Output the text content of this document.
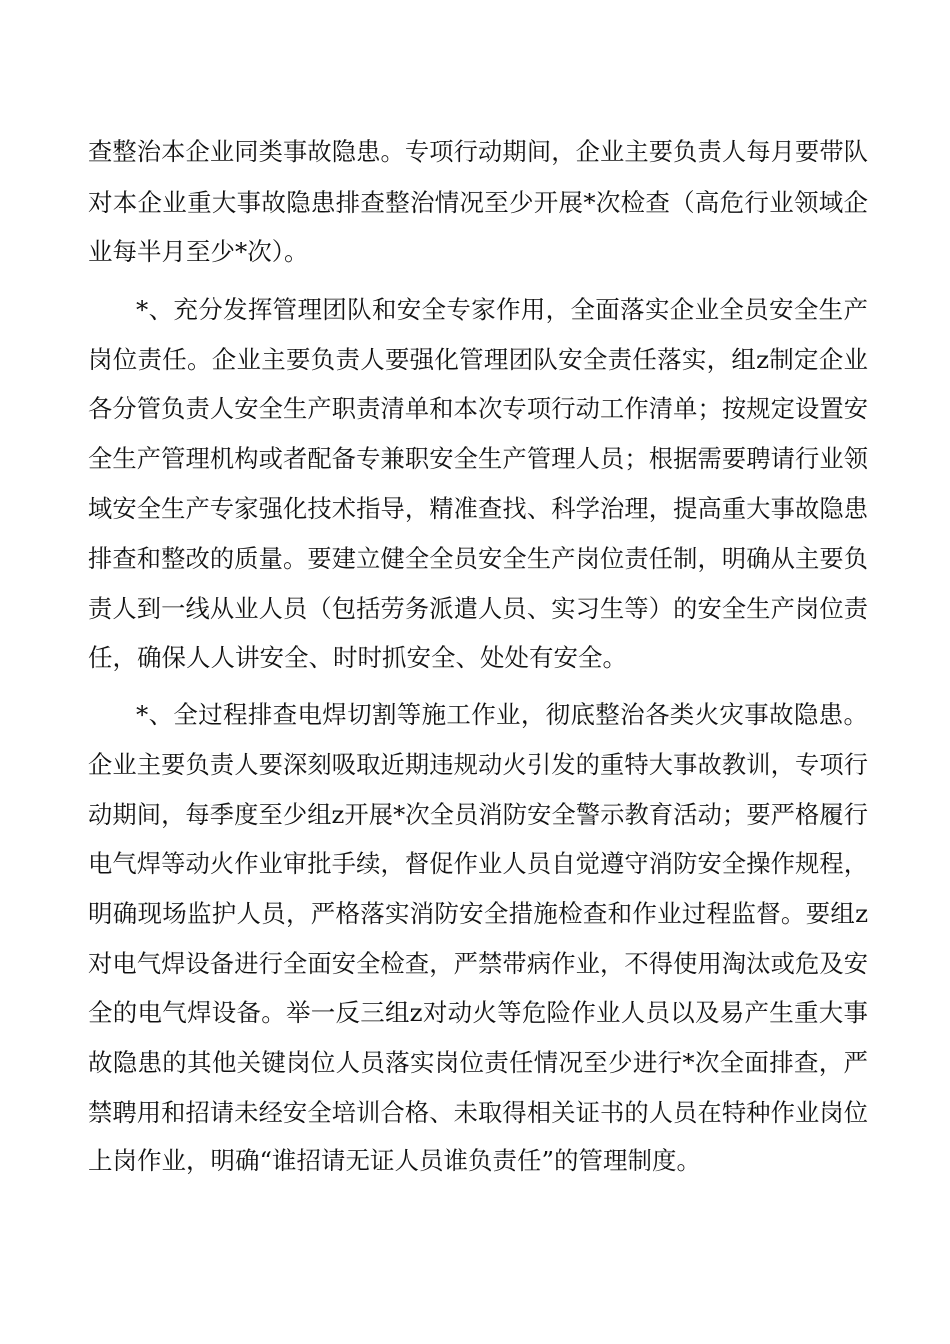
查整治本企业同类事故隐患。专项行动期间，企业主要负责人每月要带队

对本企业重大事故隐患排查整治情况至少开展*次检查（高危行业领域企

业每半月至少*次）。

*、充分发挥管理团队和安全专家作用，全面落实企业全员安全生产

岗位责任。企业主要负责人要强化管理团队安全责任落实，组z制定企业

各分管负责人安全生产职责清单和本次专项行动工作清单；按规定设置安

全生产管理机构或者配备专兼职安全生产管理人员；根据需要聘请行业领

域安全生产专家强化技术指导，精准查找、科学治理，提高重大事故隐患

排查和整改的质量。要建立健全全员安全生产岗位责任制，明确从主要负

责人到一线从业人员（包括劳务派遣人员、实习生等）的安全生产岗位责

任，确保人人讲安全、时时抓安全、处处有安全。

*、全过程排查电焊切割等施工作业，彻底整治各类火灾事故隐患。

企业主要负责人要深刻吸取近期违规动火引发的重特大事故教训，专项行

动期间，每季度至少组z开展*次全员消防安全警示教育活动；要严格履行

电气焊等动火作业审批手续，督促作业人员自觉遵守消防安全操作规程，

明确现场监护人员，严格落实消防安全措施检查和作业过程监督。要组z

对电气焊设备进行全面安全检查，严禁带病作业，不得使用淘汰或危及安

全的电气焊设备。举一反三组z对动火等危险作业人员以及易产生重大事

故隐患的其他关键岗位人员落实岗位责任情况至少进行*次全面排查，严

禁聘用和招请未经安全培训合格、未取得相关证书的人员在特种作业岗位

上岗作业，明确“谁招请无证人员谁负责任”的管理制度。
